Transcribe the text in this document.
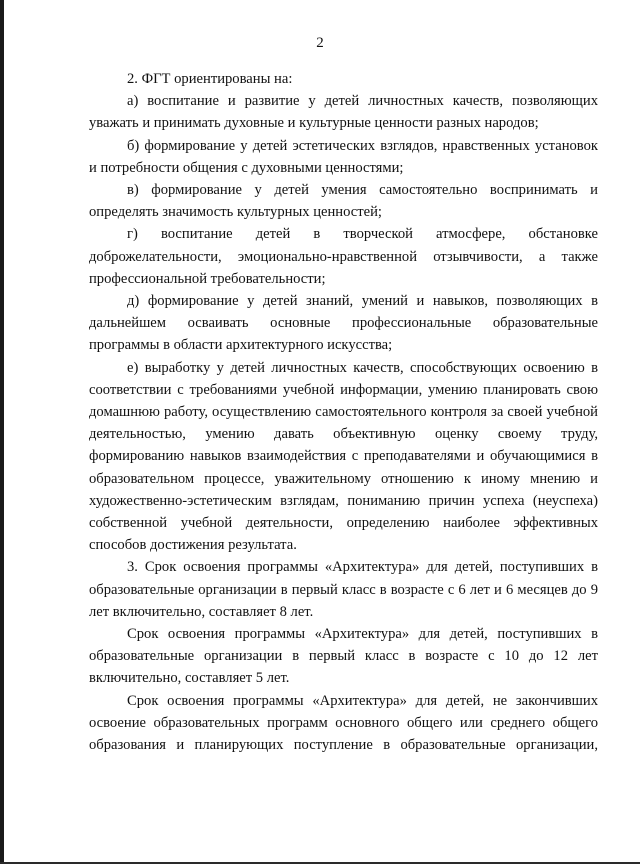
2

2. ФГТ ориентированы на:

а) воспитание и развитие у детей личностных качеств, позволяющих уважать и принимать духовные и культурные ценности разных народов;

б) формирование у детей эстетических взглядов, нравственных установок и потребности общения с духовными ценностями;

в) формирование у детей умения самостоятельно воспринимать и определять значимость культурных ценностей;

г) воспитание детей в творческой атмосфере, обстановке доброжелательности, эмоционально-нравственной отзывчивости, а также профессиональной требовательности;

д) формирование у детей знаний, умений и навыков, позволяющих в дальнейшем осваивать основные профессиональные образовательные программы в области архитектурного искусства;

е) выработку у детей личностных качеств, способствующих освоению в соответствии с требованиями учебной информации, умению планировать свою домашнюю работу, осуществлению самостоятельного контроля за своей учебной деятельностью, умению давать объективную оценку своему труду, формированию навыков взаимодействия с преподавателями и обучающимися в образовательном процессе, уважительному отношению к иному мнению и художественно-эстетическим взглядам, пониманию причин успеха (неуспеха) собственной учебной деятельности, определению наиболее эффективных способов достижения результата.

3. Срок освоения программы «Архитектура» для детей, поступивших в образовательные организации в первый класс в возрасте с 6 лет и 6 месяцев до 9 лет включительно, составляет 8 лет.

Срок освоения программы «Архитектура» для детей, поступивших в образовательные организации в первый класс в возрасте с 10 до 12 лет включительно, составляет 5 лет.

Срок освоения программы «Архитектура» для детей, не закончивших освоение образовательных программ основного общего или среднего общего образования и планирующих поступление в образовательные организации,
